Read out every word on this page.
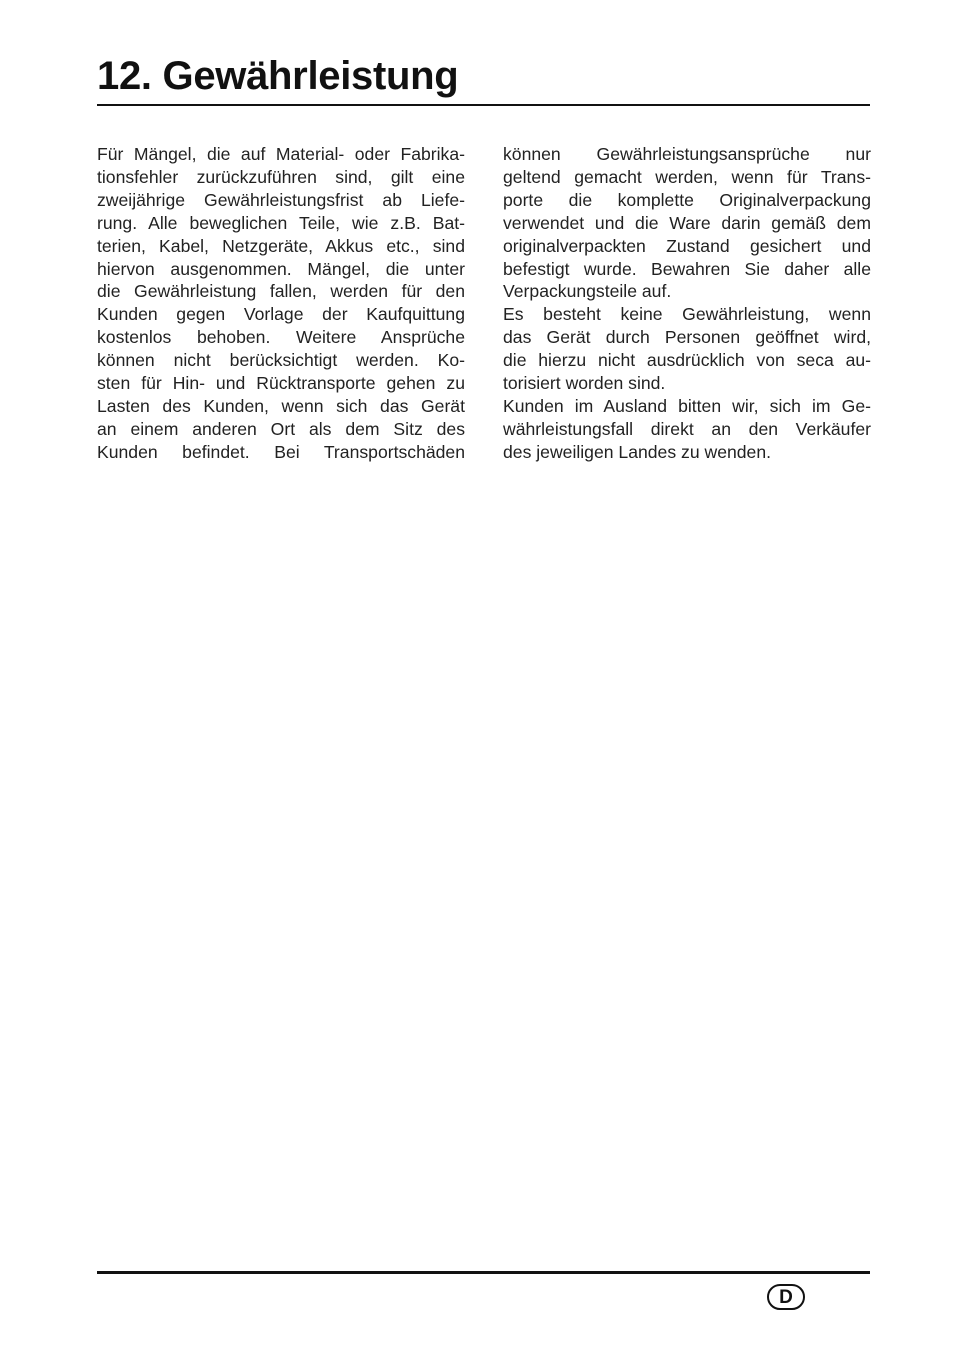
12. Gewährleistung

Für Mängel, die auf Material- oder Fabrika-
tionsfehler zurückzuführen sind, gilt eine
zweijährige Gewährleistungsfrist ab Liefe-
rung. Alle beweglichen Teile, wie z.B. Bat-
terien, Kabel, Netzgeräte, Akkus etc., sind
hiervon ausgenommen. Mängel, die unter
die Gewährleistung fallen, werden für den
Kunden gegen Vorlage der Kaufquittung
kostenlos behoben. Weitere Ansprüche
können nicht berücksichtigt werden. Ko-
sten für Hin- und Rücktransporte gehen zu
Lasten des Kunden, wenn sich das Gerät
an einem anderen Ort als dem Sitz des
Kunden befindet. Bei Transportschäden

können Gewährleistungsansprüche nur
geltend gemacht werden, wenn für Trans-
porte die komplette Originalverpackung
verwendet und die Ware darin gemäß dem
originalverpackten Zustand gesichert und
befestigt wurde. Bewahren Sie daher alle
Verpackungsteile auf.

Es besteht keine Gewährleistung, wenn
das Gerät durch Personen geöffnet wird,
die hierzu nicht ausdrücklich von seca au-
torisiert worden sind.

Kunden im Ausland bitten wir, sich im Ge-
währleistungsfall direkt an den Verkäufer
des jeweiligen Landes zu wenden.

D
